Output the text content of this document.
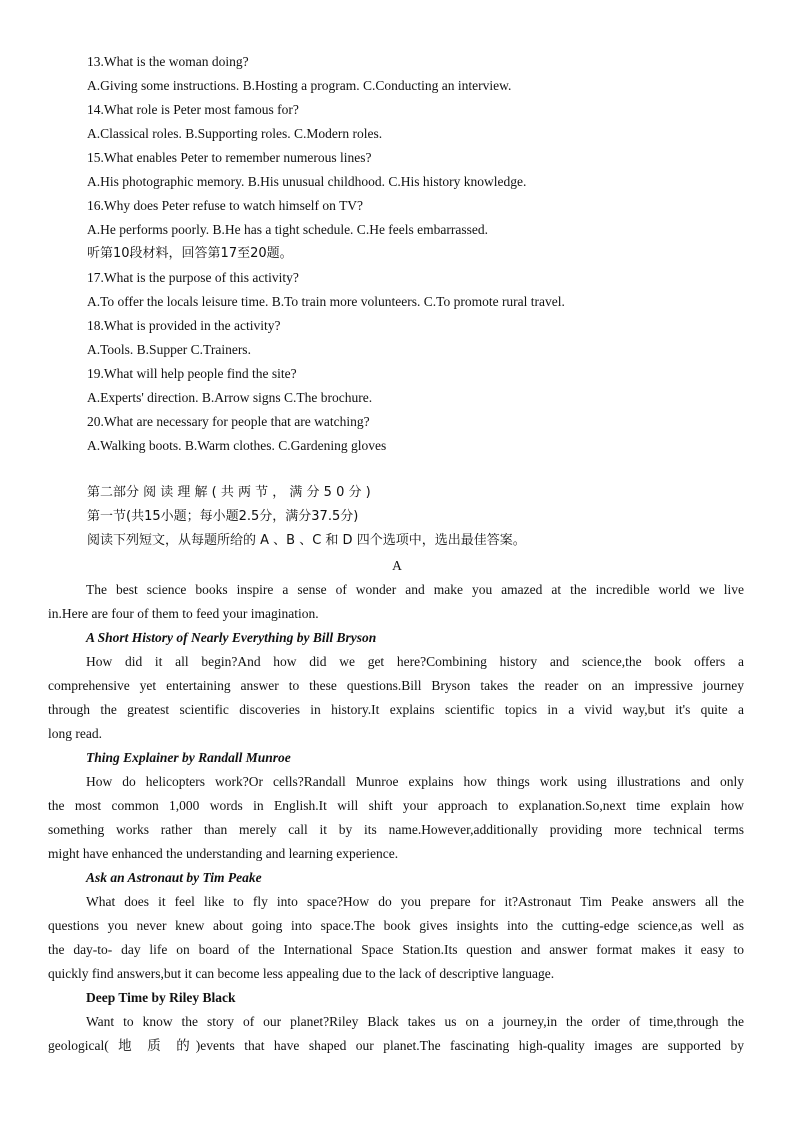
13.What is the woman doing?
A.Giving some instructions. B.Hosting a program. C.Conducting an interview.
14.What role is Peter most famous for?
A.Classical roles. B.Supporting roles. C.Modern roles.
15.What enables Peter to remember numerous lines?
A.His photographic memory. B.His unusual childhood. C.His history knowledge.
16.Why does Peter refuse to watch himself on TV?
A.He performs poorly. B.He has a tight schedule. C.He feels embarrassed.
听第10段材料，回答第17至20题。
17.What is the purpose of this activity?
A.To offer the locals leisure time. B.To train more volunteers. C.To promote rural travel.
18.What is provided in the activity?
A.Tools. B.Supper C.Trainers.
19.What will help people find the site?
A.Experts' direction. B.Arrow signs C.The brochure.
20.What are necessary for people that are watching?
A.Walking boots. B.Warm clothes. C.Gardening gloves
第二部分 阅 读 理 解 ( 共 两 节 ， 满 分 5 0 分 )
第一节(共15小题；每小题2.5分，满分37.5分)
阅读下列短文，从每题所给的 A 、B 、C 和 D 四个选项中，选出最佳答案。
A
The best science books inspire a sense of wonder and make you amazed at the incredible world we live
in.Here are four of them to feed your imagination.
A Short History of Nearly Everything by Bill Bryson
How did it all begin?And how did we get here?Combining history and science,the book offers a
comprehensive yet entertaining answer to these questions.Bill Bryson takes the reader on an impressive journey
through the greatest scientific discoveries in history.It explains scientific topics in a vivid way,but it's quite a
long read.
Thing Explainer by Randall Munroe
How do helicopters work?Or cells?Randall Munroe explains how things work using illustrations and only
the most common 1,000 words in English.It will shift your approach to explanation.So,next time explain how
something works rather than merely call it by its name.However,additionally providing more technical terms
might have enhanced the understanding and learning experience.
Ask an Astronaut by Tim Peake
What does it feel like to fly into space?How do you prepare for it?Astronaut Tim Peake answers all the
questions you never knew about going into space.The book gives insights into the cutting-edge science,as well as
the day-to- day life on board of the International Space Station.Its question and answer format makes it easy to
quickly find answers,but it can become less appealing due to the lack of descriptive language.
Deep Time by Riley Black
Want to know the story of our planet?Riley Black takes us on a journey,in the order of time,through the
geological( 地 质 的)events that have shaped our planet.The fascinating high-quality images are supported by
